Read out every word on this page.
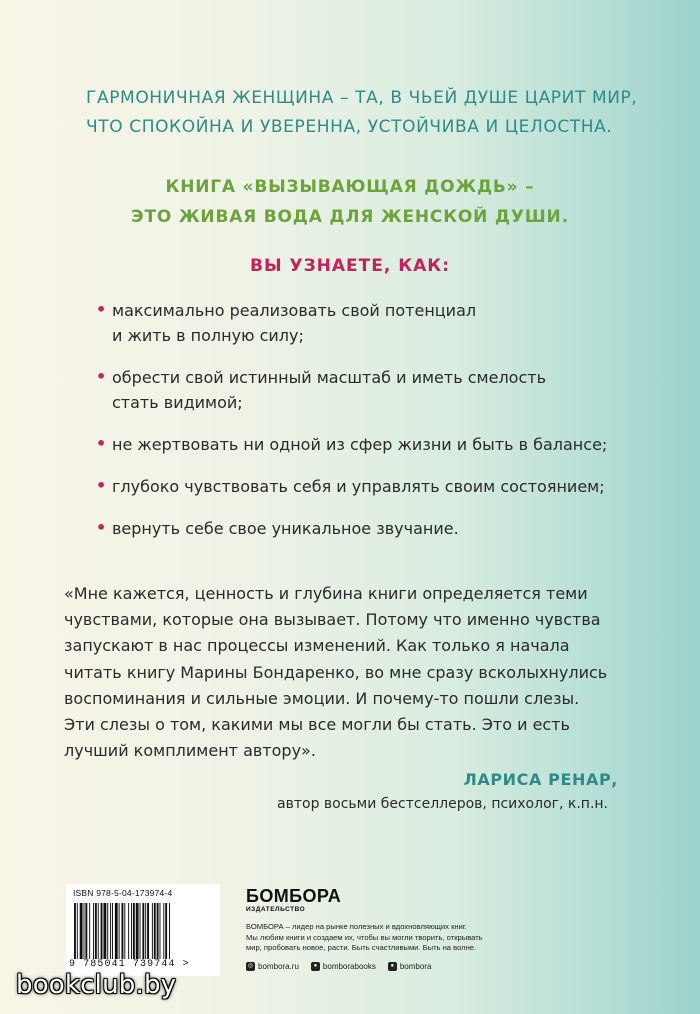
ГАРМОНИЧНАЯ ЖЕНЩИНА – ТА, В ЧЬЕЙ ДУШЕ ЦАРИТ МИР,
ЧТО СПОКОЙНА И УВЕРЕННА, УСТОЙЧИВА И ЦЕЛОСТНА.
КНИГА «ВЫЗЫВАЮЩАЯ ДОЖДЬ» –
ЭТО ЖИВАЯ ВОДА ДЛЯ ЖЕНСКОЙ ДУШИ.
ВЫ УЗНАЕТЕ, КАК:
• максимально реализовать свой потенциал
и жить в полную силу;
• обрести свой истинный масштаб и иметь смелость
стать видимой;
• не жертвовать ни одной из сфер жизни и быть в балансе;
• глубоко чувствовать себя и управлять своим состоянием;
• вернуть себе свое уникальное звучание.
«Мне кажется, ценность и глубина книги определяется теми
чувствами, которые она вызывает. Потому что именно чувства
запускают в нас процессы изменений. Как только я начала
читать книгу Марины Бондаренко, во мне сразу всколыхнулись
воспоминания и сильные эмоции. И почему-то пошли слезы.
Эти слезы о том, какими мы все могли бы стать. Это и есть
лучший комплимент автору».
ЛАРИСА РЕНАР,
автор восьми бестселлеров, психолог, к.п.н.
ISBN 978-5-04-173974-4
9 785041 739744 >
БОМБОРА
ИЗДАТЕЛЬСТВО
БОМБОРА – лидер на рынке полезных и вдохновляющих книг.
Мы любим книги и создаем их, чтобы вы могли творить, открывать
мир, пробовать новое, расти. Быть счастливыми. Быть на волне.
◎ bombora.ru	● bomborabooks	● bombora
bookclub.by
